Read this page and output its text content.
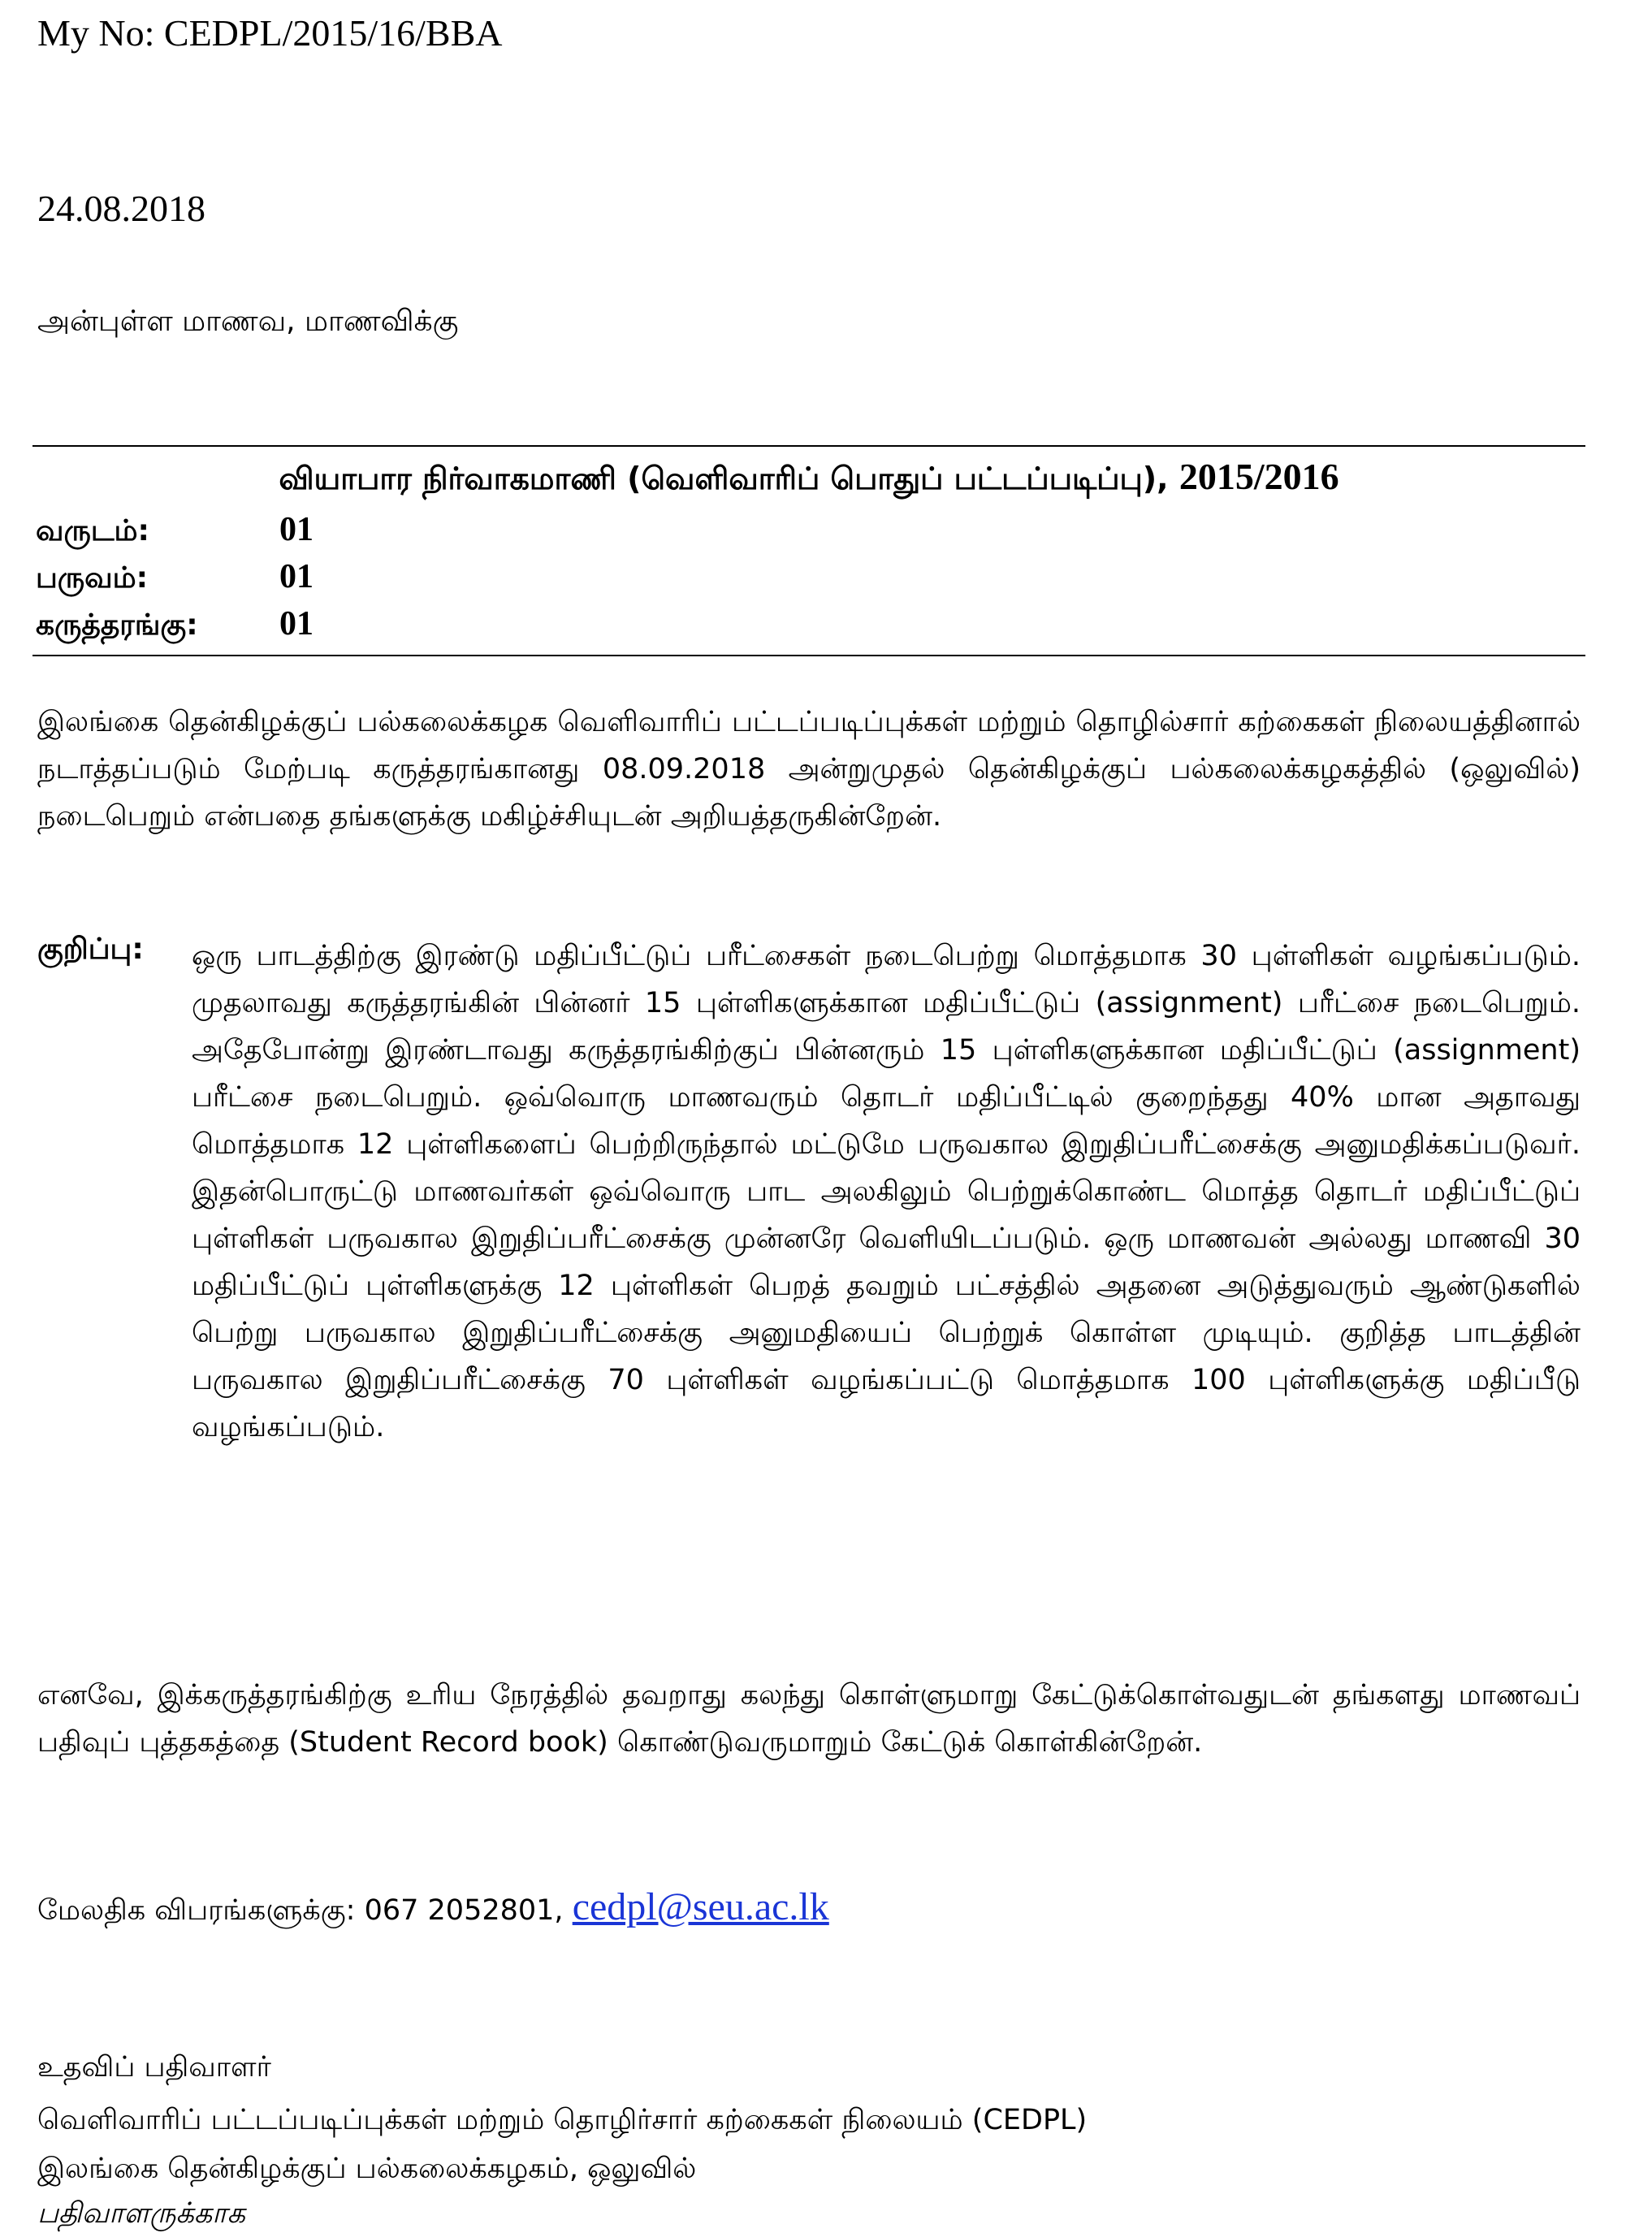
My No: CEDPL/2015/16/BBA
24.08.2018
அன்புள்ள மாணவ, மாணவிக்கு
வியாபார நிர்வாகமாணி (வெளிவாரிப் பொதுப் பட்டப்படிப்பு), 2015/2016
வருடம்:	01
பருவம்:	01
கருத்தரங்கு: 01
இலங்கை தென்கிழக்குப் பல்கலைக்கழக வெளிவாரிப் பட்டப்படிப்புக்கள் மற்றும் தொழில்சார் கற்கைகள் நிலையத்தினால் நடாத்தப்படும் மேற்படி கருத்தரங்கானது 08.09.2018 அன்றுமுதல் தென்கிழக்குப் பல்கலைக்கழகத்தில் (ஒலுவில்) நடைபெறும் என்பதை தங்களுக்கு மகிழ்ச்சியுடன் அறியத்தருகின்றேன்.
குறிப்பு: ஒரு பாடத்திற்கு இரண்டு மதிப்பீட்டுப் பரீட்சைகள் நடைபெற்று மொத்தமாக 30 புள்ளிகள் வழங்கப்படும். முதலாவது கருத்தரங்கின் பின்னர் 15 புள்ளிகளுக்கான மதிப்பீட்டுப் (assignment) பரீட்சை நடைபெறும். அதேபோன்று இரண்டாவது கருத்தரங்கிற்குப் பின்னரும் 15 புள்ளிகளுக்கான மதிப்பீட்டுப் (assignment) பரீட்சை நடைபெறும். ஒவ்வொரு மாணவரும் தொடர் மதிப்பீட்டில் குறைந்தது 40% மான அதாவது மொத்தமாக 12 புள்ளிகளைப் பெற்றிருந்தால் மட்டுமே பருவகால இறுதிப்பரீட்சைக்கு அனுமதிக்கப்படுவர். இதன்பொருட்டு மாணவர்கள் ஒவ்வொரு பாட அலகிலும் பெற்றுக்கொண்ட மொத்த தொடர் மதிப்பீட்டுப் புள்ளிகள் பருவகால இறுதிப்பரீட்சைக்கு முன்னரே வெளியிடப்படும். ஒரு மாணவன் அல்லது மாணவி 30 மதிப்பீட்டுப் புள்ளிகளுக்கு 12 புள்ளிகள் பெறத் தவறும் பட்சத்தில் அதனை அடுத்துவரும் ஆண்டுகளில் பெற்று பருவகால இறுதிப்பரீட்சைக்கு அனுமதியைப் பெற்றுக் கொள்ள முடியும். குறித்த பாடத்தின் பருவகால இறுதிப்பரீட்சைக்கு 70 புள்ளிகள் வழங்கப்பட்டு மொத்தமாக 100 புள்ளிகளுக்கு மதிப்பீடு வழங்கப்படும்.
எனவே, இக்கருத்தரங்கிற்கு உரிய நேரத்தில் தவறாது கலந்து கொள்ளுமாறு கேட்டுக்கொள்வதுடன் தங்களது மாணவப் பதிவுப் புத்தகத்தை (Student Record book) கொண்டுவருமாறும் கேட்டுக் கொள்கின்றேன்.
மேலதிக விபரங்களுக்கு: 067 2052801, cedpl@seu.ac.lk
உதவிப் பதிவாளர்
வெளிவாரிப் பட்டப்படிப்புக்கள் மற்றும் தொழிர்சார் கற்கைகள் நிலையம் (CEDPL)
இலங்கை தென்கிழக்குப் பல்கலைக்கழகம், ஒலுவில்
பதிவாளருக்காக
